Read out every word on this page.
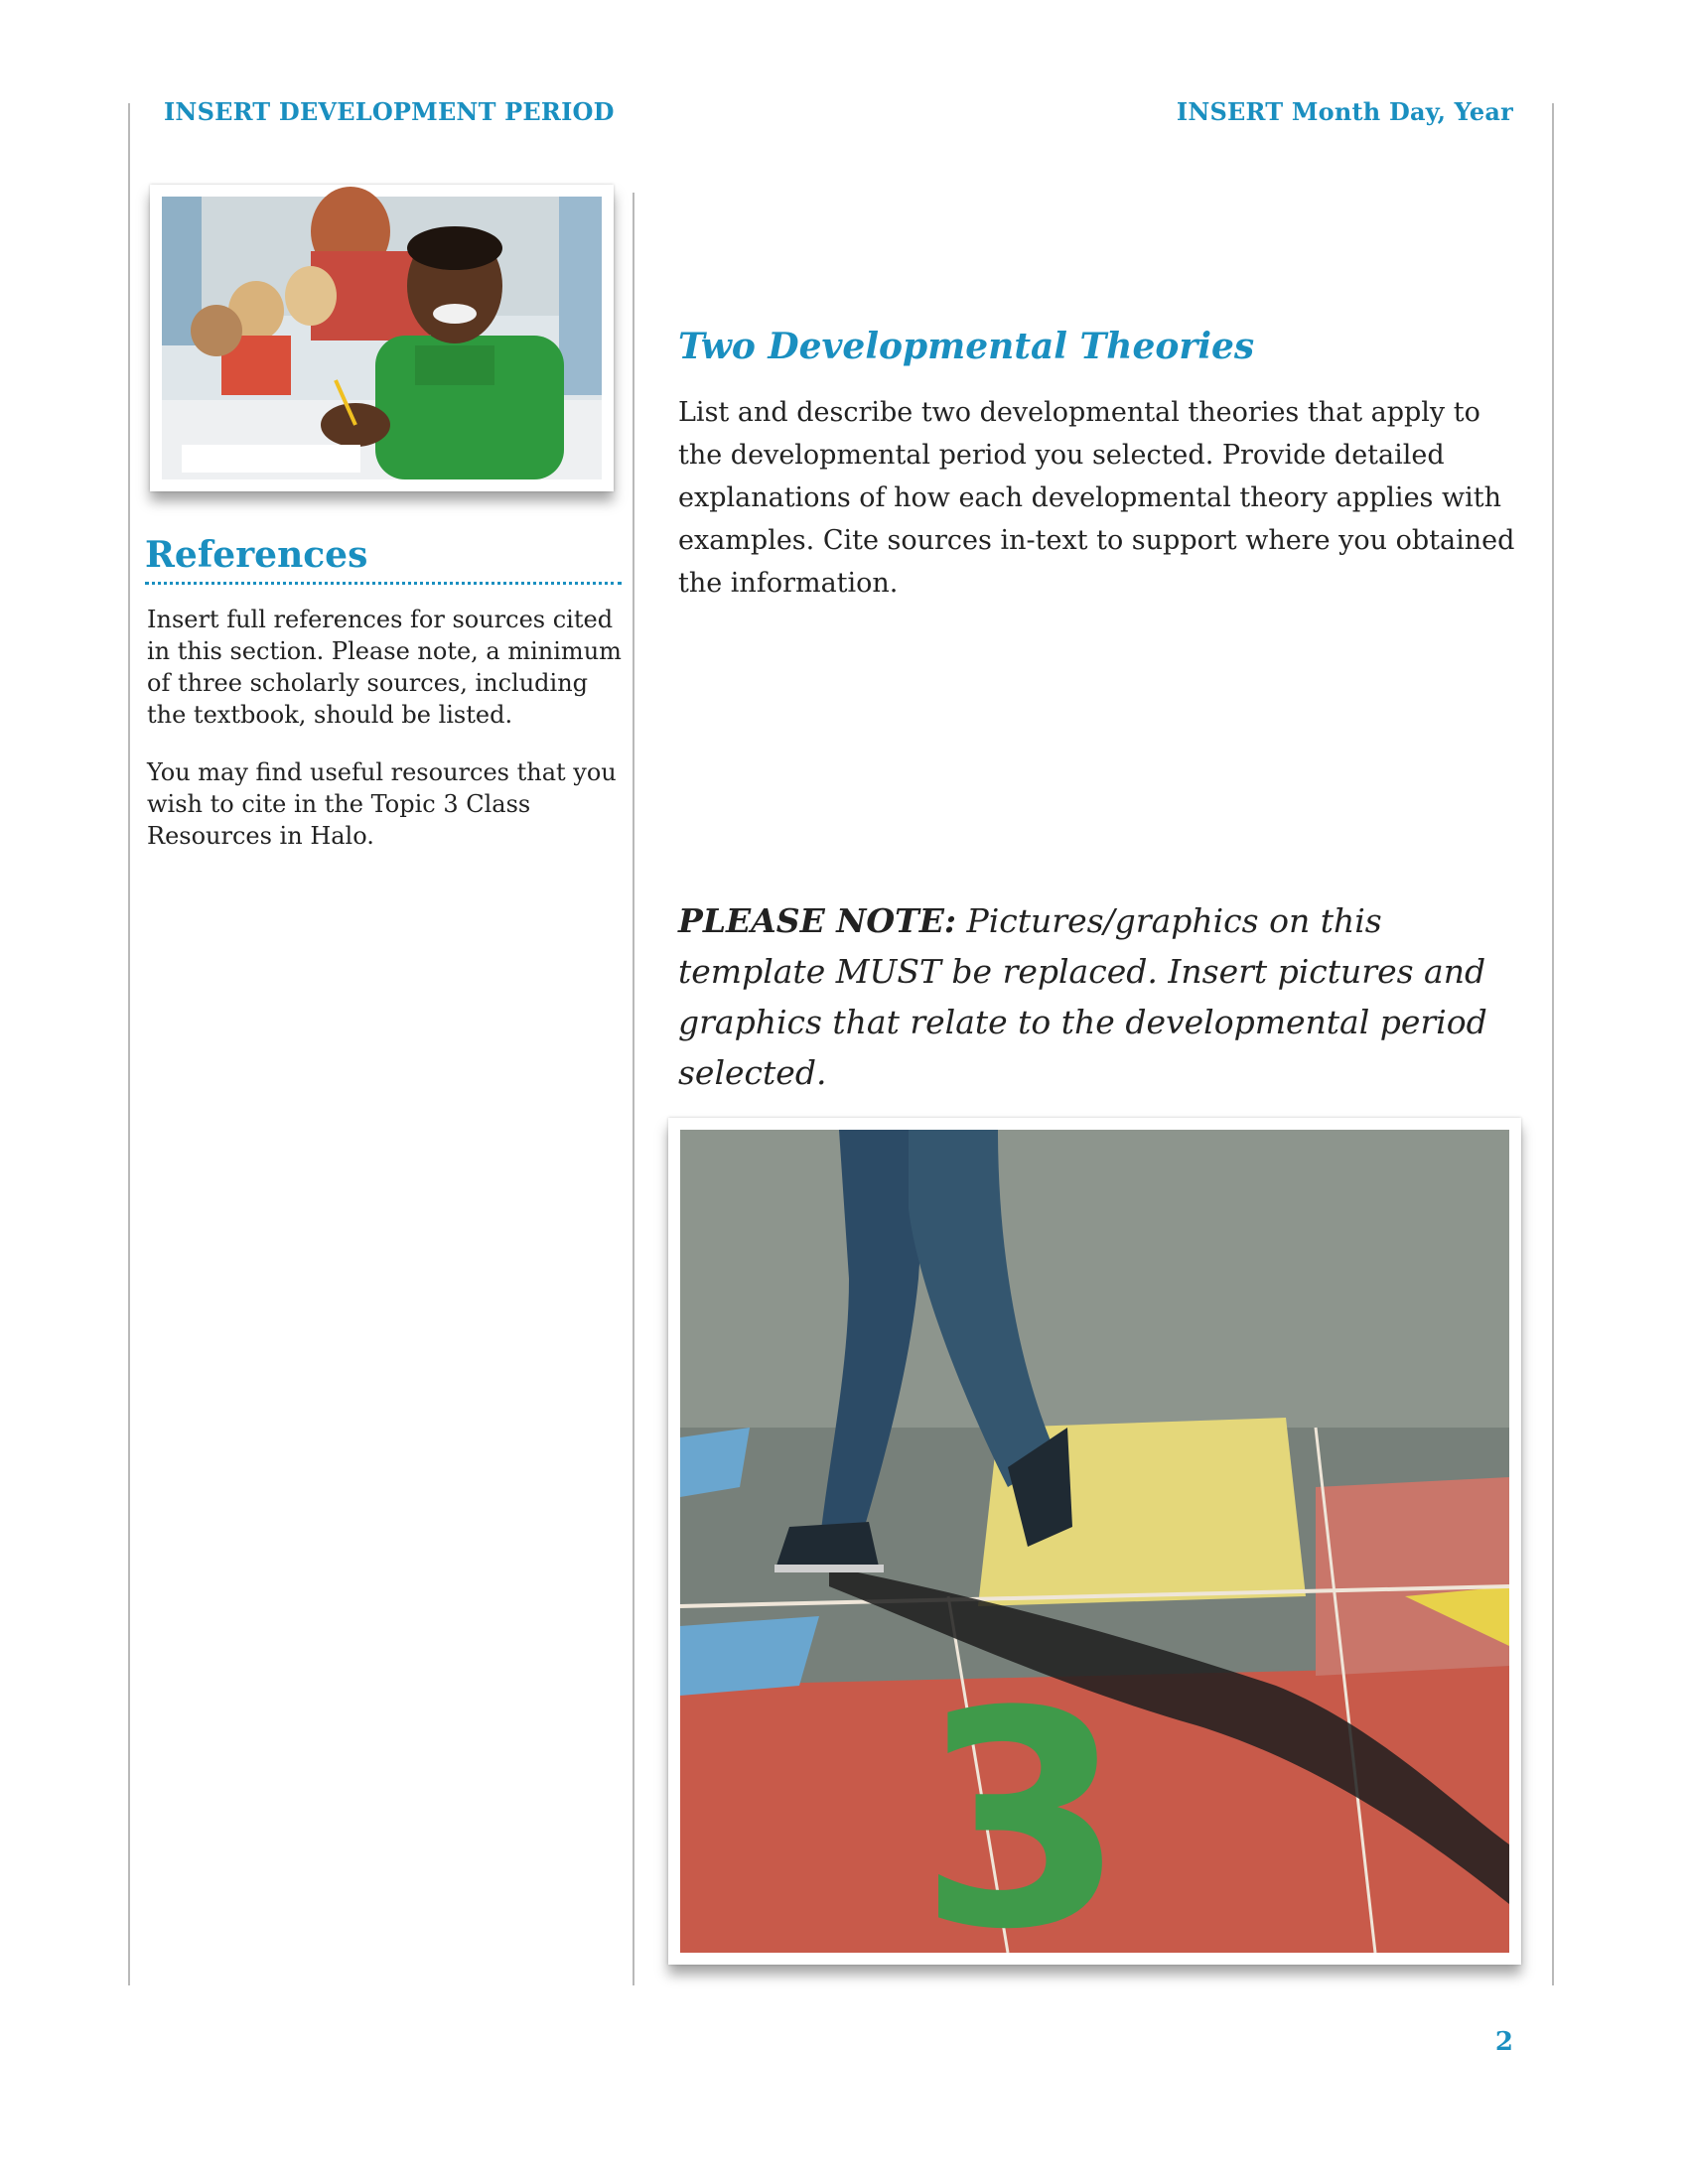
INSERT DEVELOPMENT PERIOD	INSERT Month Day, Year
References

Insert full references for sources cited in this section. Please note, a minimum of three scholarly sources, including the textbook, should be listed.

You may find useful resources that you wish to cite in the Topic 3 Class Resources in Halo.

Two Developmental Theories
List and describe two developmental theories that apply to the developmental period you selected. Provide detailed explanations of how each developmental theory applies with examples. Cite sources in-text to support where you obtained the information.
PLEASE NOTE: Pictures/graphics on this template MUST be replaced. Insert pictures and graphics that relate to the developmental period selected.
3
2
